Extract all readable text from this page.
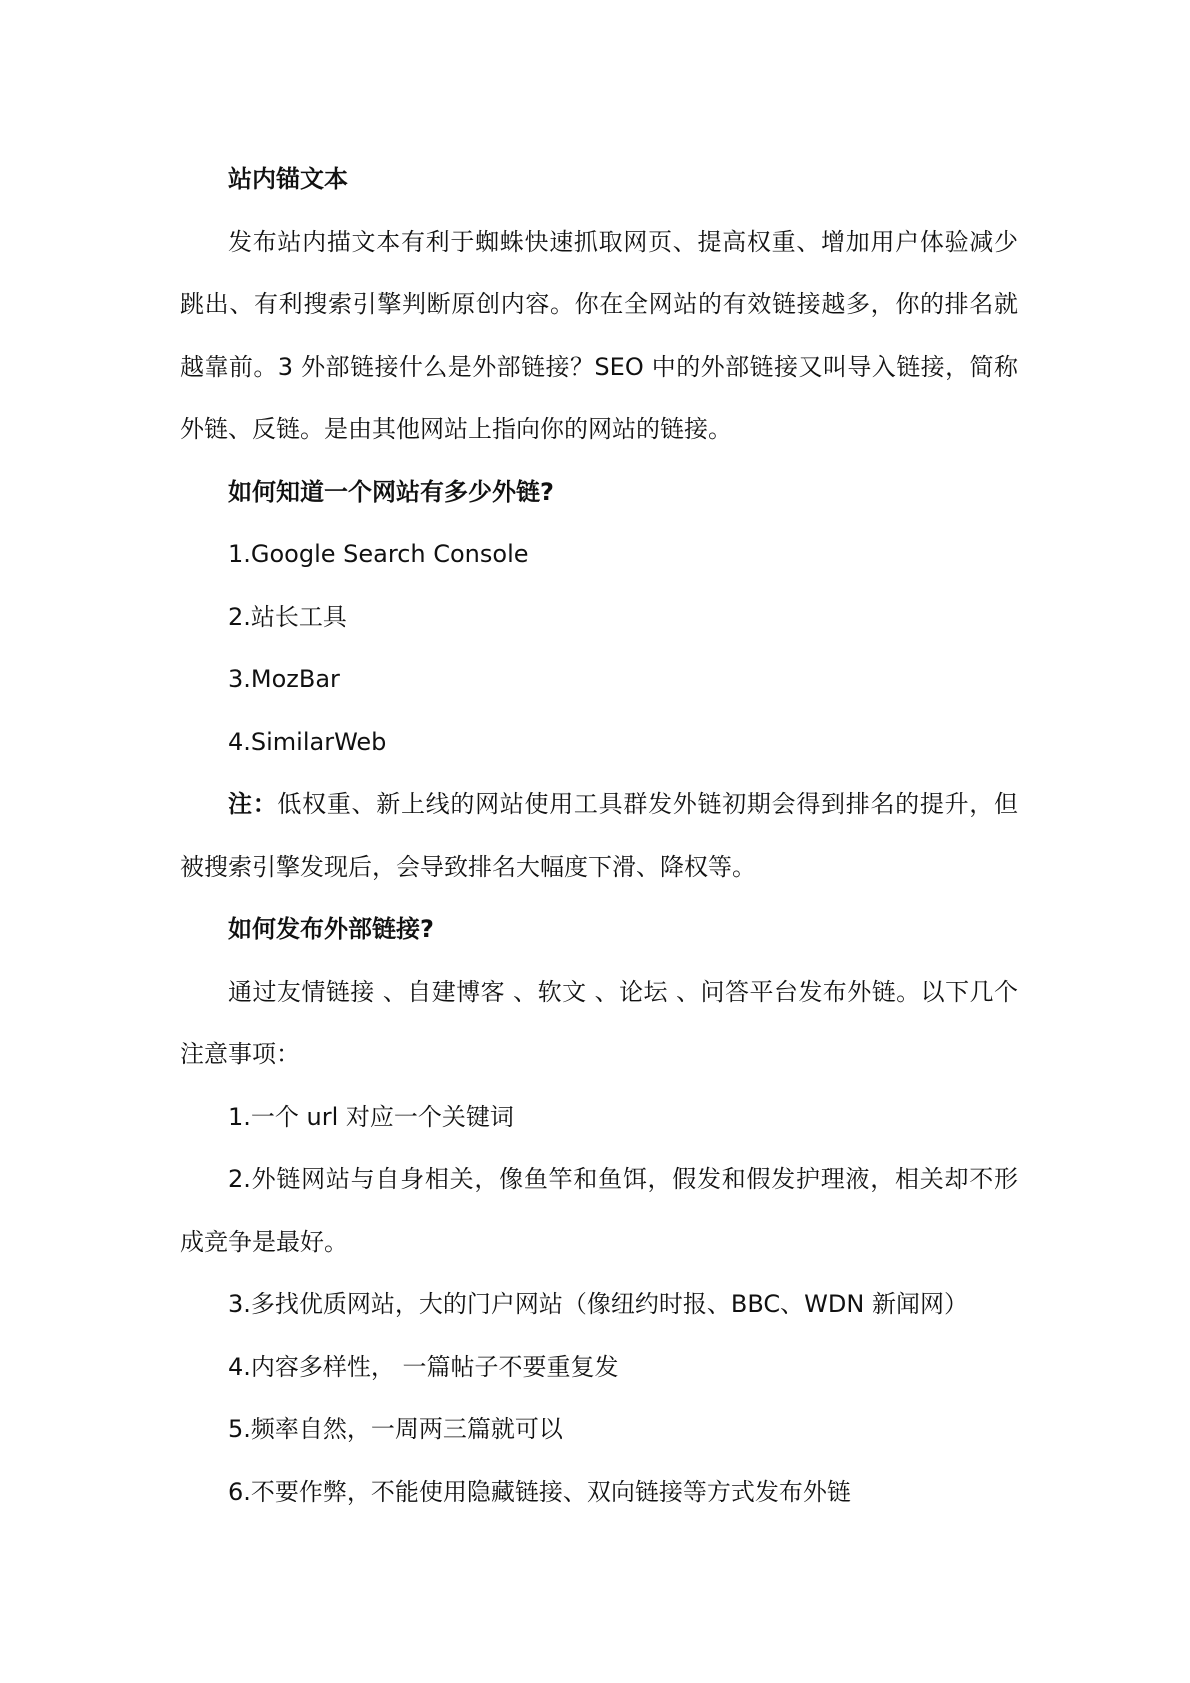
站内锚文本

发布站内描文本有利于蜘蛛快速抓取网页、提高权重、增加用户体验减少跳出、有利搜索引擎判断原创内容。你在全网站的有效链接越多，你的排名就越靠前。3 外部链接什么是外部链接？SEO 中的外部链接又叫导入链接，简称外链、反链。是由其他网站上指向你的网站的链接。

如何知道一个网站有多少外链?

1.Google Search Console

2.站长工具

3.MozBar

4.SimilarWeb

注：低权重、新上线的网站使用工具群发外链初期会得到排名的提升，但被搜索引擎发现后，会导致排名大幅度下滑、降权等。

如何发布外部链接?

通过友情链接 、自建博客 、软文 、论坛 、问答平台发布外链。以下几个注意事项：

1.一个 url 对应一个关键词

2.外链网站与自身相关，像鱼竿和鱼饵，假发和假发护理液，相关却不形成竞争是最好。

3.多找优质网站，大的门户网站（像纽约时报、BBC、WDN 新闻网）

4.内容多样性， 一篇帖子不要重复发

5.频率自然，一周两三篇就可以

6.不要作弊，不能使用隐藏链接、双向链接等方式发布外链
